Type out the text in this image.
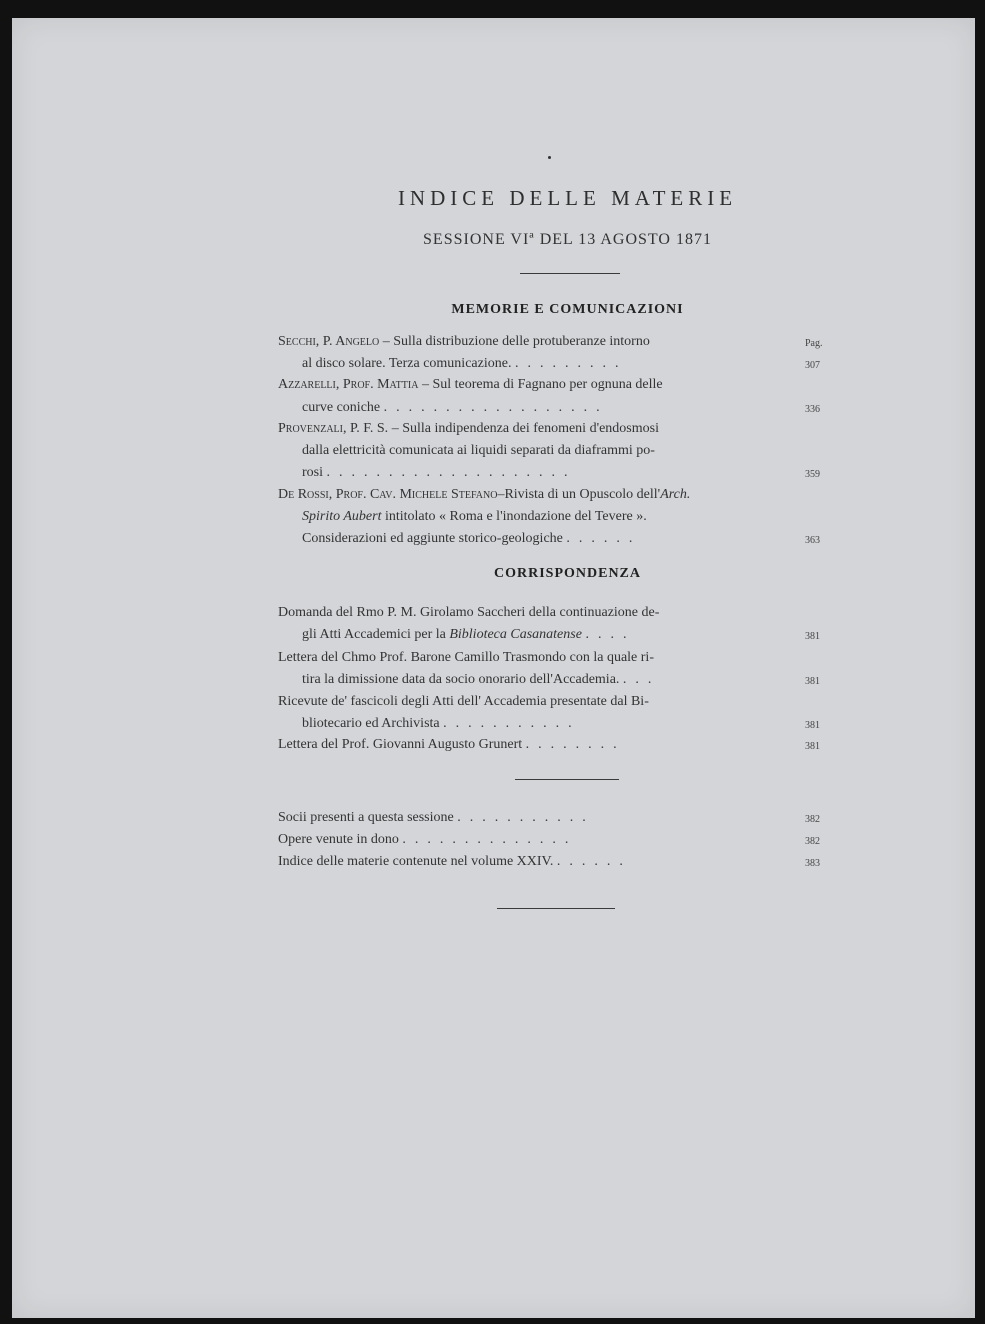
INDICE DELLE MATERIE
SESSIONE VIª DEL 13 AGOSTO 1871
MEMORIE E COMUNICAZIONI
Pag.
Secchi, P. Angelo – Sulla distribuzione delle protuberanze intorno
al disco solare. Terza comunicazione. .........	307
Azzarelli, Prof. Mattia – Sul teorema di Fagnano per ognuna delle
curve coniche ..................	336
Provenzali, P. F. S. – Sulla indipendenza dei fenomeni d'endosmosi
dalla elettricità comunicata ai liquidi separati da diaframmi po-
rosi ....................	359
De Rossi, Prof. Cav. Michele Stefano–Rivista di un Opuscolo dell'Arch.
Spirito Aubert intitolato « Roma e l'inondazione del Tevere ».
Considerazioni ed aggiunte storico-geologiche ......	363
CORRISPONDENZA
Domanda del Rmo P. M. Girolamo Saccheri della continuazione de-
gli Atti Accademici per la Biblioteca Casanatense ....	381
Lettera del Chmo Prof. Barone Camillo Trasmondo con la quale ri-
tira la dimissione data da socio onorario dell'Accademia. ...	381
Ricevute de' fascicoli degli Atti dell' Accademia presentate dal Bi-
bliotecario ed Archivista ...........	381
Lettera del Prof. Giovanni Augusto Grunert ........	381
Socii presenti a questa sessione ...........	382
Opere venute in dono ..............	382
Indice delle materie contenute nel volume XXIV. ......	383
